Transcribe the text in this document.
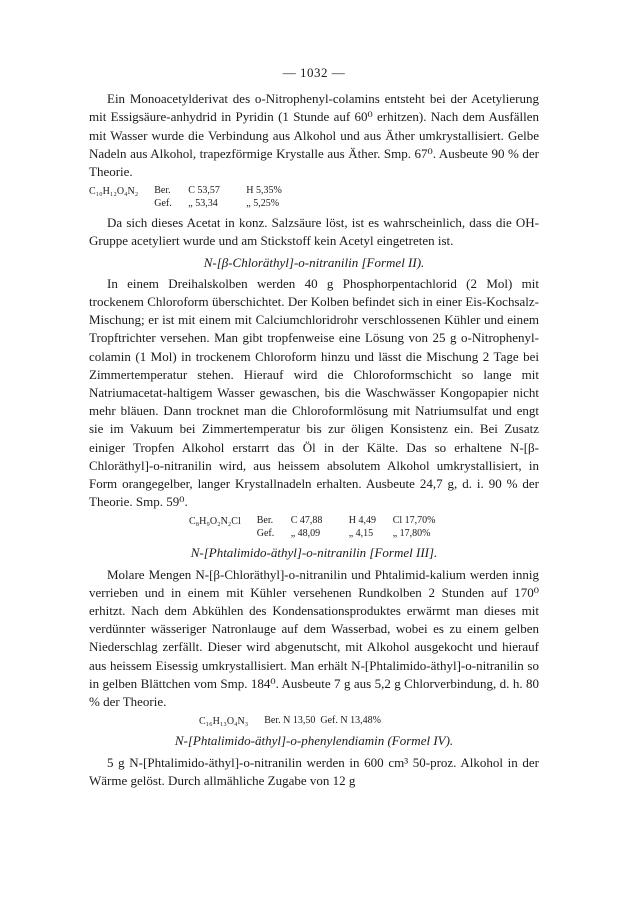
— 1032 —

Ein Monoacetylderivat des o-Nitrophenyl-colamins entsteht bei der Acetylierung mit Essigsäure-anhydrid in Pyridin (1 Stunde auf 60⁰ erhitzen). Nach dem Ausfällen mit Wasser wurde die Verbindung aus Alkohol und aus Äther umkrystallisiert. Gelbe Nadeln aus Alkohol, trapezförmige Krystalle aus Äther. Smp. 67⁰. Ausbeute 90 % der Theorie.

C₁₀H₁₂O₄N₂ Ber.	C 53,57	H 5,35%
Gef.	„ 53,34	„ 5,25%

Da sich dieses Acetat in konz. Salzsäure löst, ist es wahrscheinlich, dass die OH-Gruppe acetyliert wurde und am Stickstoff kein Acetyl eingetreten ist.

N-[β-Chloräthyl]-o-nitranilin [Formel II).

In einem Dreihalskolben werden 40 g Phosphorpentachlorid (2 Mol) mit trockenem Chloroform überschichtet. Der Kolben befindet sich in einer Eis-Kochsalz-Mischung; er ist mit einem mit Calciumchloridrohr verschlossenen Kühler und einem Tropftrichter versehen. Man gibt tropfenweise eine Lösung von 25 g o-Nitrophenyl-colamin (1 Mol) in trockenem Chloroform hinzu und lässt die Mischung 2 Tage bei Zimmertemperatur stehen. Hierauf wird die Chloroformschicht so lange mit Natriumacetat-haltigem Wasser gewaschen, bis die Waschwässer Kongopapier nicht mehr bläuen. Dann trocknet man die Chloroformlösung mit Natriumsulfat und engt sie im Vakuum bei Zimmertemperatur bis zur öligen Konsistenz ein. Bei Zusatz einiger Tropfen Alkohol erstarrt das Öl in der Kälte. Das so erhaltene N-[β-Chloräthyl]-o-nitranilin wird, aus heissem absolutem Alkohol umkrystallisiert, in Form orangegelber, langer Krystallnadeln erhalten. Ausbeute 24,7 g, d. i. 90 % der Theorie. Smp. 59⁰.

C₈H₉O₂N₂Cl Ber.	C 47,88	H 4,49	Cl 17,70%
Gef.	„ 48,09	„ 4,15	„ 17,80%
N-[Phtalimido-äthyl]-o-nitranilin [Formel III].

Molare Mengen N-[β-Chloräthyl]-o-nitranilin und Phtalimid-kalium werden innig verrieben und in einem mit Kühler versehenen Rundkolben 2 Stunden auf 170⁰ erhitzt. Nach dem Abkühlen des Kondensationsproduktes erwärmt man dieses mit verdünnter wässeriger Natronlauge auf dem Wasserbad, wobei es zu einem gelben Niederschlag zerfällt. Dieser wird abgenutscht, mit Alkohol ausgekocht und hierauf aus heissem Eisessig umkrystallisiert. Man erhält N-[Phtalimido-äthyl]-o-nitranilin so in gelben Blättchen vom Smp. 184⁰. Ausbeute 7 g aus 5,2 g Chlorverbindung, d. h. 80 % der Theorie.

C₁₆H₁₃O₄N₃ Ber. N 13,50  Gef. N 13,48%
N-[Phtalimido-äthyl]-o-phenylendiamin (Formel IV).

5 g N-[Phtalimido-äthyl]-o-nitranilin werden in 600 cm³ 50-proz. Alkohol in der Wärme gelöst. Durch allmähliche Zugabe von 12 g
